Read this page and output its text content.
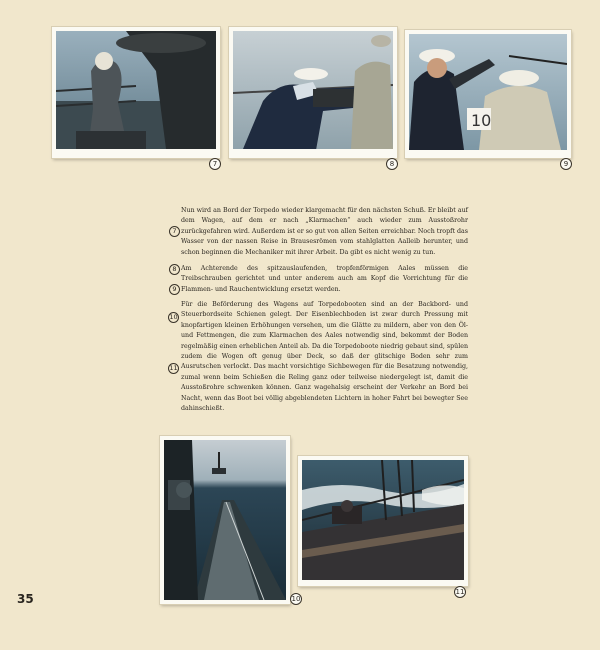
7	8
10
9
7
Nun wird an Bord der Torpedo wieder klargemacht für den nächsten Schuß. Er bleibt auf dem Wagen, auf dem er nach „Klarmachen“ auch wieder zum Ausstoßrohr zurückgefahren wird. Außerdem ist er so gut von allen Seiten erreichbar. Noch tropft das Wasser von der nassen Reise in Brausesrömen vom stahlglatten Aalleib herunter, und schon beginnen die Mechaniker mit ihrer Arbeit. Da gibt es nicht wenig zu tun.
8
9
Am Achterende des spitzauslaufenden, tropfenförmigen Aales müssen die Treibschrauben gerichtet und unter anderem auch am Kopf die Vorrichtung für die Flammen- und Rauchentwicklung ersetzt werden.
10
11
Für die Beförderung des Wagens auf Torpedobooten sind an der Backbord- und Steuerbordseite Schienen gelegt. Der Eisenblechboden ist zwar durch Pressung mit knopfartigen kleinen Erhöhungen versehen, um die Glätte zu mildern, aber von den Öl- und Fettmengen, die zum Klarmachen des Aales notwendig sind, bekommt der Boden regelmäßig einen erheblichen Anteil ab. Da die Torpedoboote niedrig gebaut sind, spülen zudem die Wogen oft genug über Deck, so daß der glitschige Boden sehr zum Ausrutschen verlockt. Das macht vorsichtige Sichbewegen für die Besatzung notwendig, zumal wenn beim Schießen die Reling ganz oder teilweise niedergelegt ist, damit die Ausstoßrohre schwenken können. Ganz wagehalsig erscheint der Verkehr an Bord bei Nacht, wenn das Boot bei völlig abgeblendeten Lichtern in hoher Fahrt bei bewegter See dahinschießt.
10
11
35
